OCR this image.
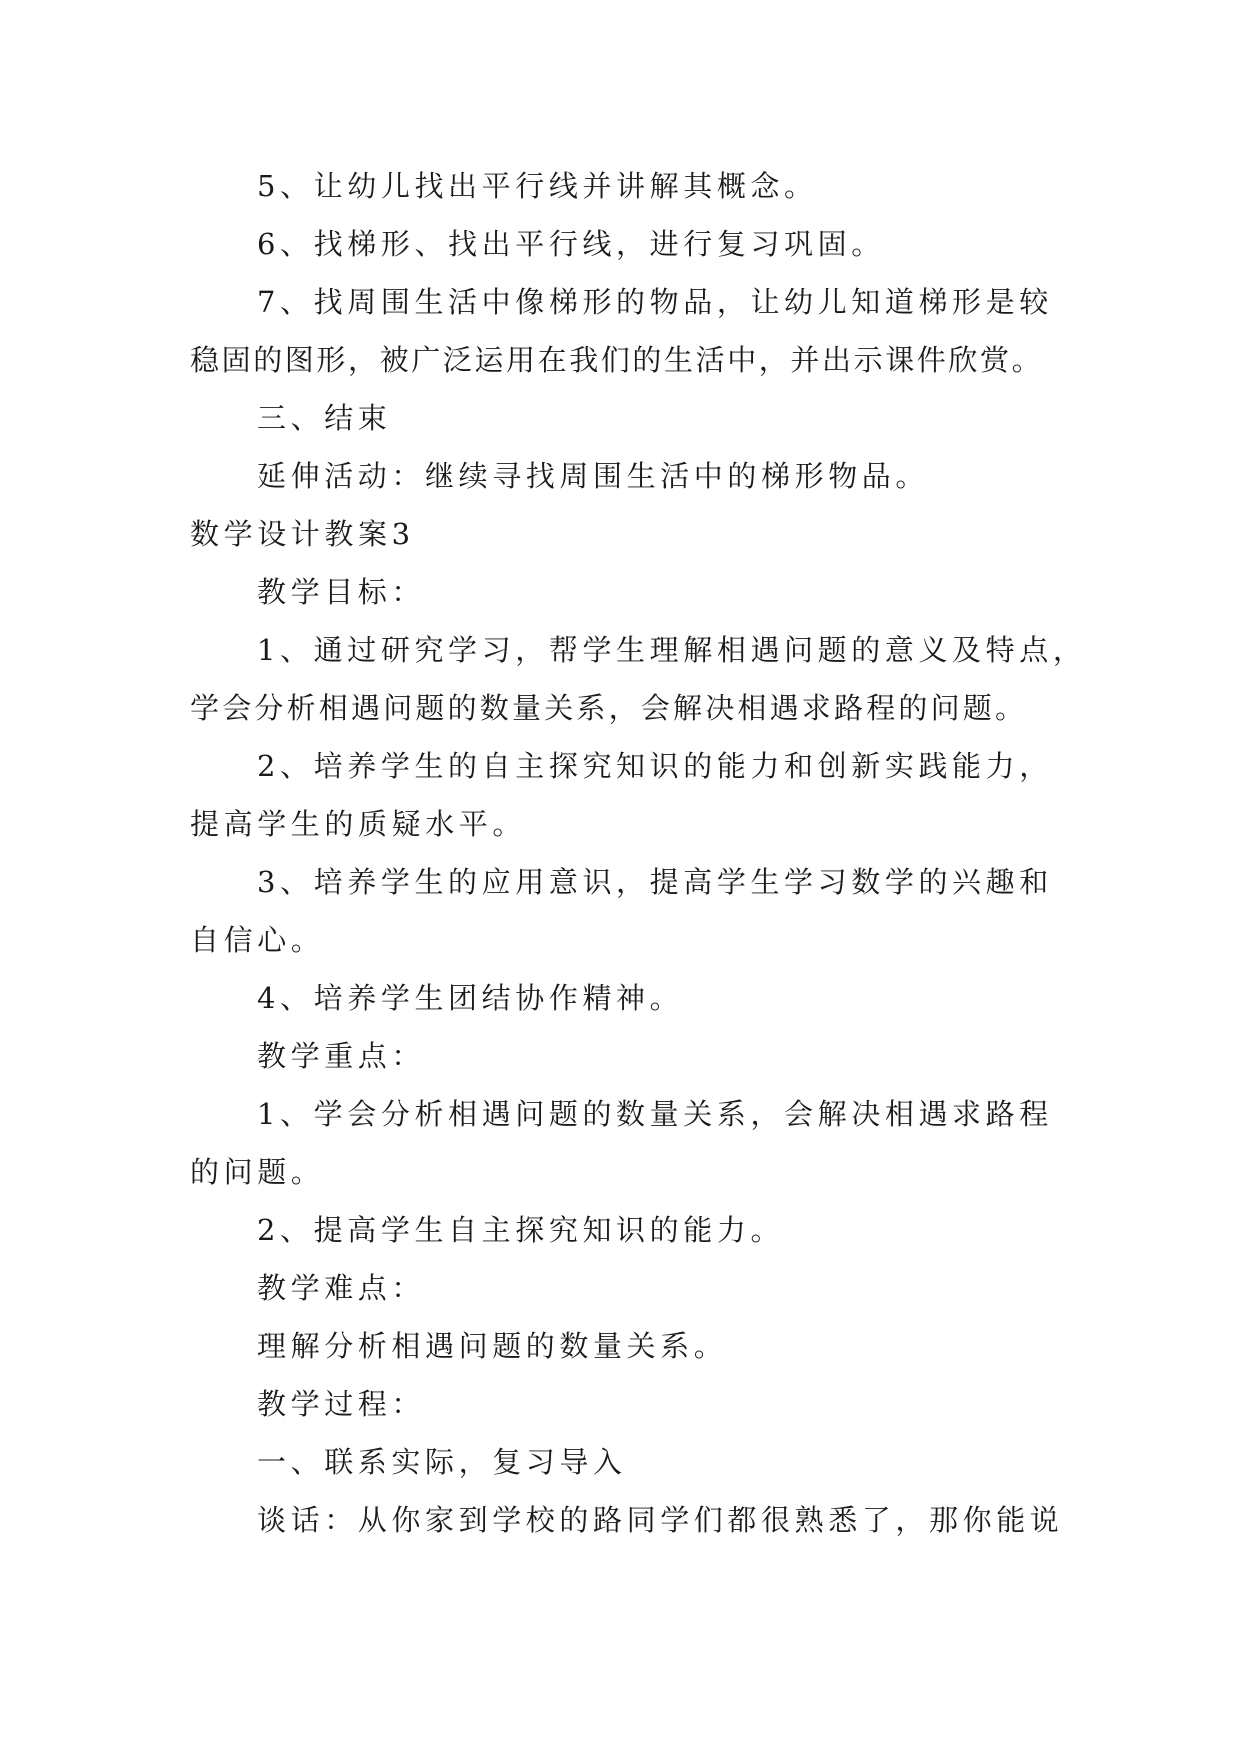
5、让幼儿找出平行线并讲解其概念。
6、找梯形、找出平行线，进行复习巩固。
7、找周围生活中像梯形的物品，让幼儿知道梯形是较
稳固的图形，被广泛运用在我们的生活中，并出示课件欣赏。
三、结束
延伸活动：继续寻找周围生活中的梯形物品。
数学设计教案3
教学目标：
1、通过研究学习，帮学生理解相遇问题的意义及特点，
学会分析相遇问题的数量关系，会解决相遇求路程的问题。
2、培养学生的自主探究知识的能力和创新实践能力，
提高学生的质疑水平。
3、培养学生的应用意识，提高学生学习数学的兴趣和
自信心。
4、培养学生团结协作精神。
教学重点：
1、学会分析相遇问题的数量关系，会解决相遇求路程
的问题。
2、提高学生自主探究知识的能力。
教学难点：
理解分析相遇问题的数量关系。
教学过程：
一、联系实际，复习导入
谈话：从你家到学校的路同学们都很熟悉了，那你能说
